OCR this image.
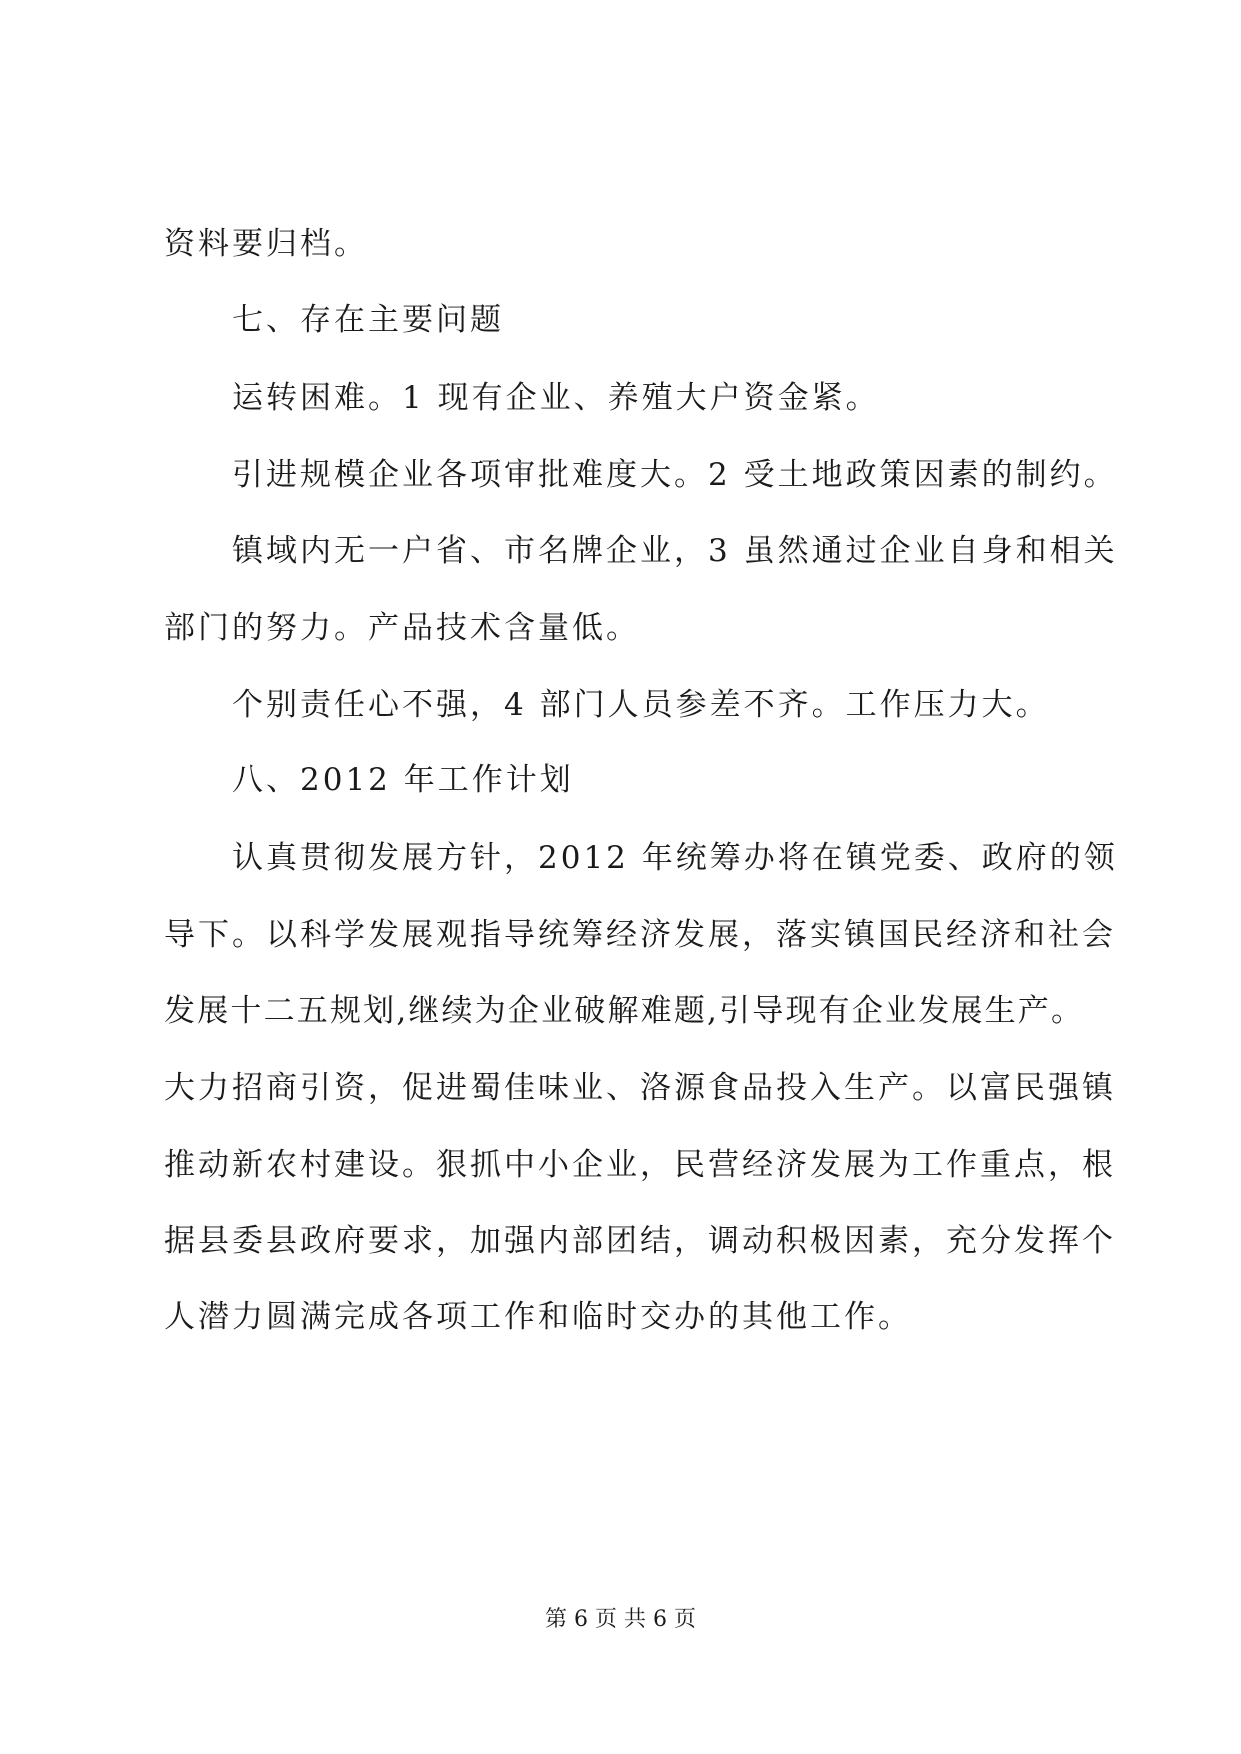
资料要归档。
七、存在主要问题
运转困难。1 现有企业、养殖大户资金紧。
引进规模企业各项审批难度大。2 受土地政策因素的制约。
镇域内无一户省、市名牌企业，3 虽然通过企业自身和相关
部门的努力。产品技术含量低。
个别责任心不强，4 部门人员参差不齐。工作压力大。
八、2012 年工作计划
认真贯彻发展方针，2012 年统筹办将在镇党委、政府的领
导下。以科学发展观指导统筹经济发展，落实镇国民经济和社会
发展十二五规划,继续为企业破解难题,引导现有企业发展生产。
大力招商引资，促进蜀佳味业、洛源食品投入生产。以富民强镇
推动新农村建设。狠抓中小企业，民营经济发展为工作重点，根
据县委县政府要求，加强内部团结，调动积极因素，充分发挥个
人潜力圆满完成各项工作和临时交办的其他工作。
第 6 页 共 6 页
